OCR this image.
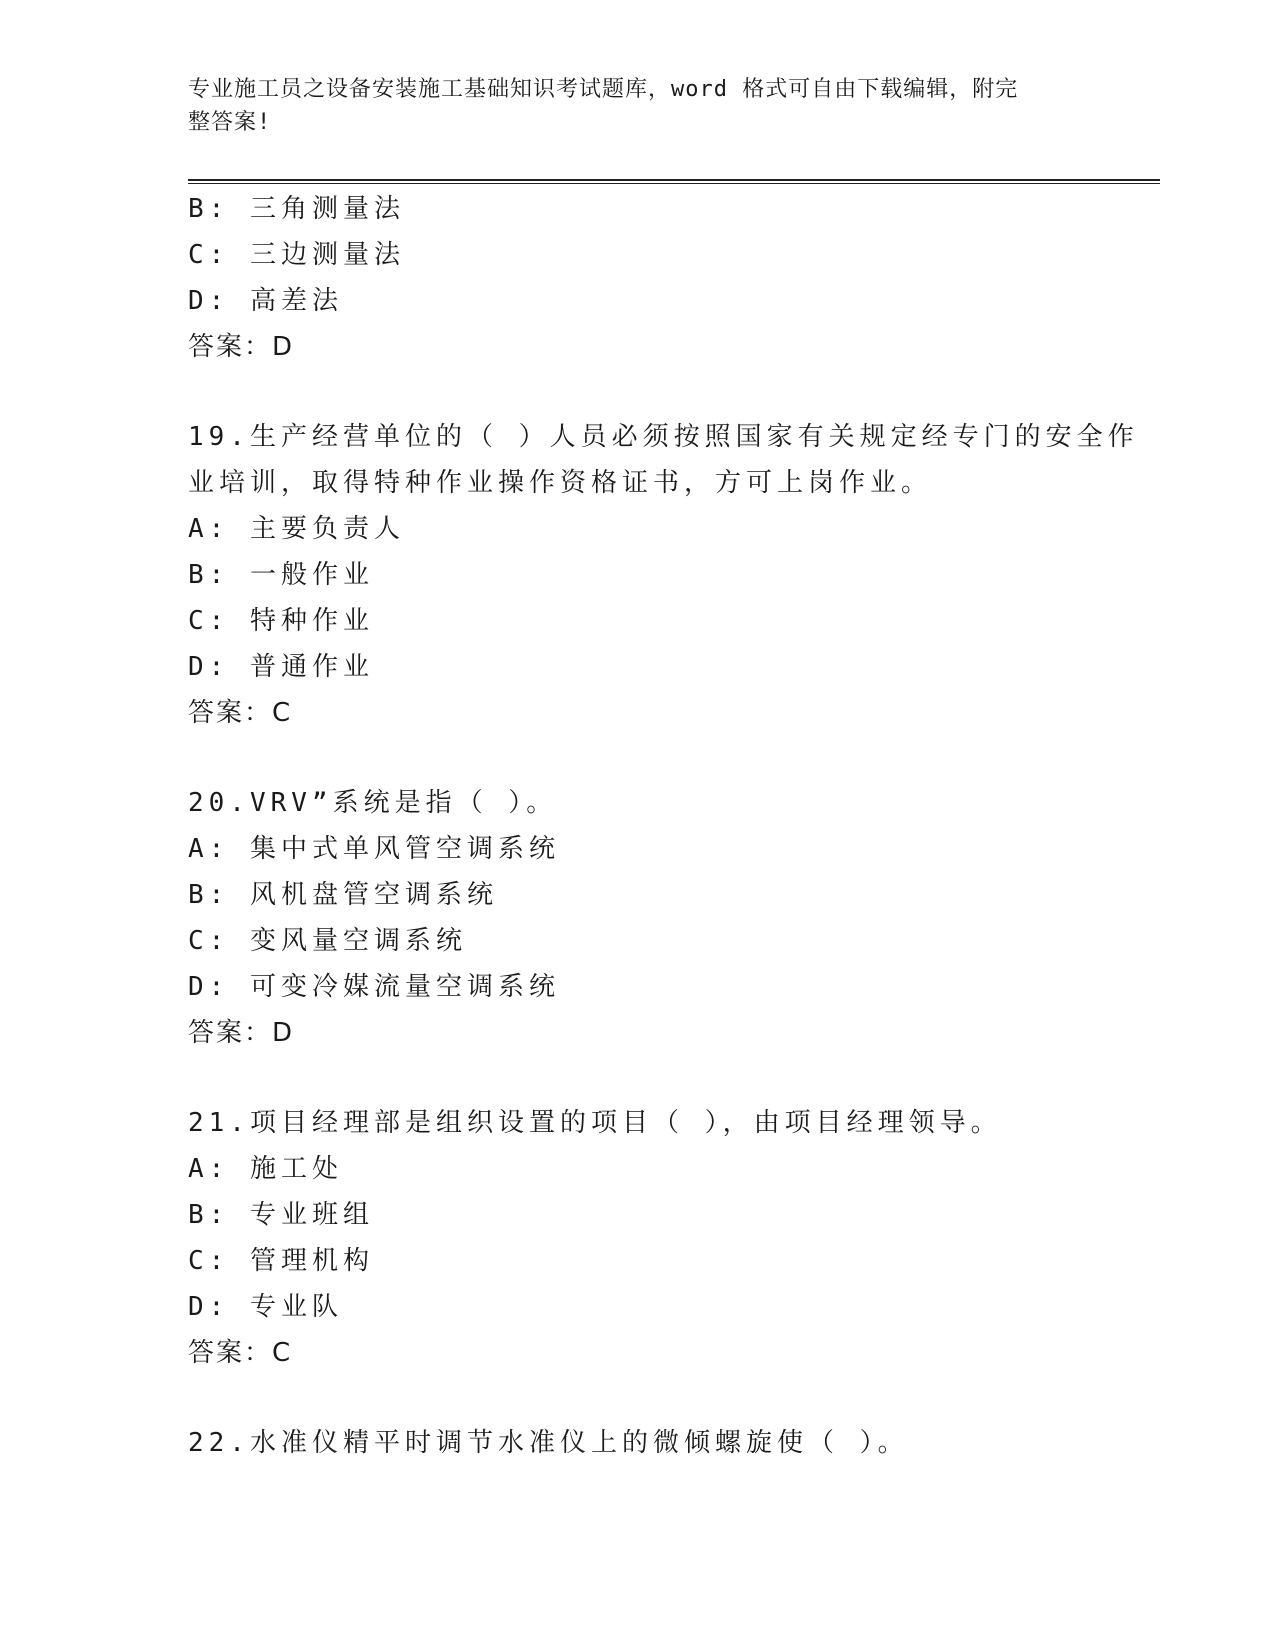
专业施工员之设备安装施工基础知识考试题库，word 格式可自由下载编辑，附完
整答案!
B: 三角测量法
C: 三边测量法
D: 高差法
答案：D
19.生产经营单位的（ ）人员必须按照国家有关规定经专门的安全作
业培训，取得特种作业操作资格证书，方可上岗作业。
A: 主要负责人
B: 一般作业
C: 特种作业
D: 普通作业
答案：C
20.VRV”系统是指（ ）。
A: 集中式单风管空调系统
B: 风机盘管空调系统
C: 变风量空调系统
D: 可变冷媒流量空调系统
答案：D
21.项目经理部是组织设置的项目（ ），由项目经理领导。
A: 施工处
B: 专业班组
C: 管理机构
D: 专业队
答案：C
22.水准仪精平时调节水准仪上的微倾螺旋使（ ）。
